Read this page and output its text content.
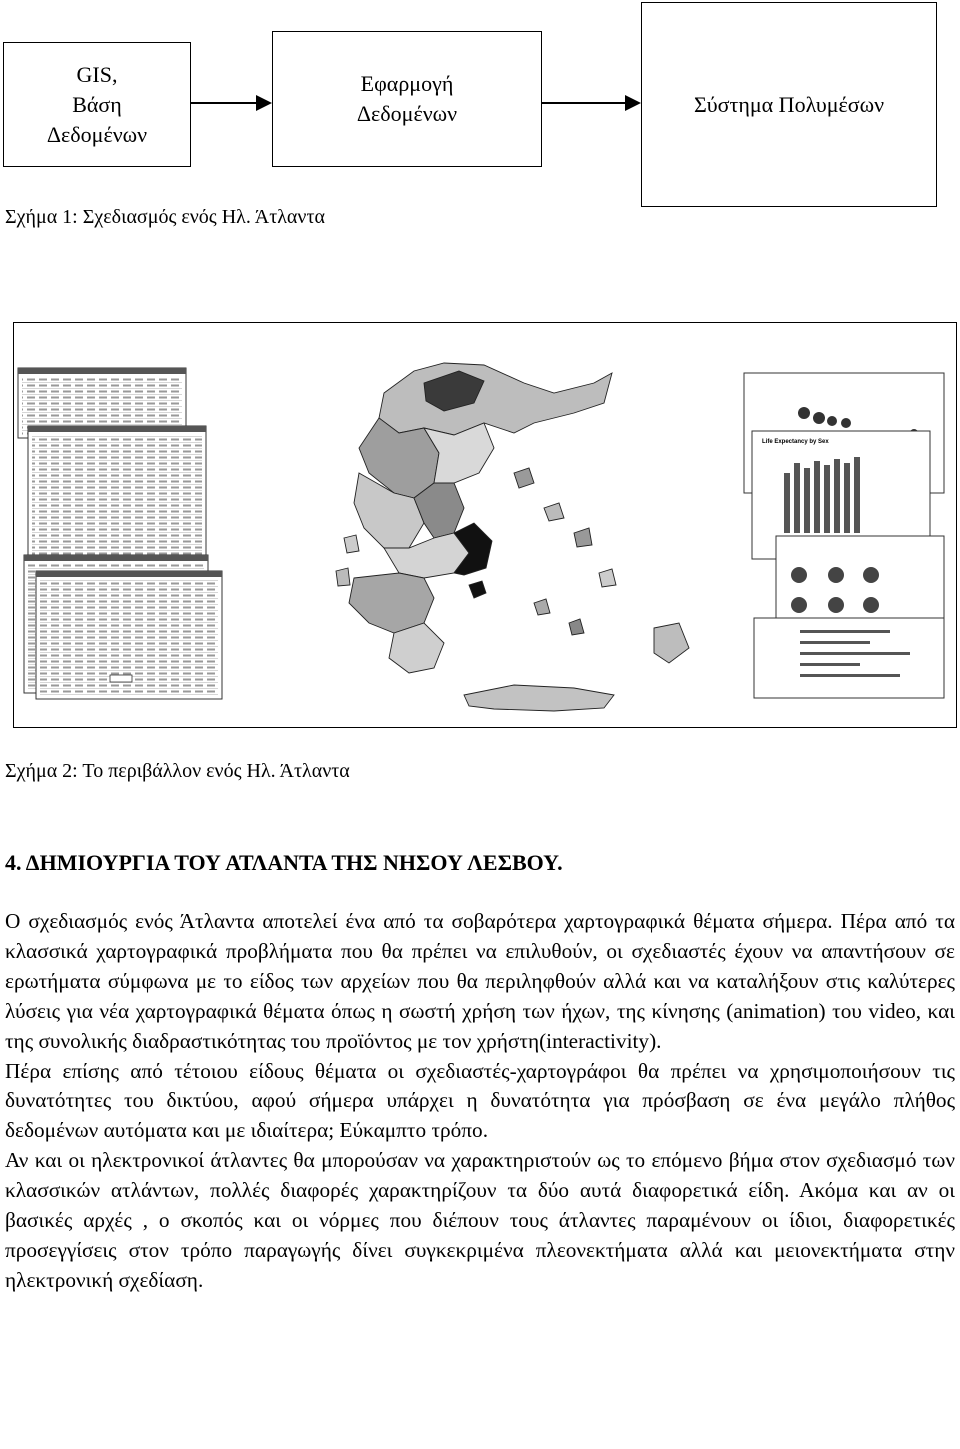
GIS,
Βάση
Δεδομένων
Εφαρμογή
Δεδομένων	Σύστημα Πολυμέσων
Σχήμα 1: Σχεδιασμός ενός Ηλ. Άτλαντα
Life Expectancy by Sex
Σχήμα 2: Το περιβάλλον ενός Ηλ. Άτλαντα
4. ΔΗΜΙΟΥΡΓΙΑ ΤΟΥ ΑΤΛΑΝΤΑ ΤΗΣ ΝΗΣΟΥ ΛΕΣΒΟΥ.

Ο σχεδιασμός ενός Άτλαντα αποτελεί ένα από τα σοβαρότερα χαρτογραφικά θέματα σήμερα. Πέρα από τα κλασσικά χαρτογραφικά προβλήματα που θα πρέπει να επιλυθούν, οι σχεδιαστές έχουν να απαντήσουν σε ερωτήματα σύμφωνα με το είδος των αρχείων που θα περιληφθούν αλλά και να καταλήξουν στις καλύτερες λύσεις για νέα χαρτογραφικά θέματα όπως η σωστή χρήση των ήχων, της κίνησης (animation) του video, και της συνολικής διαδραστικότητας του προϊόντος με τον χρήστη(interactivity).

Πέρα επίσης από τέτοιου είδους θέματα οι σχεδιαστές-χαρτογράφοι θα πρέπει να χρησιμοποιήσουν τις δυνατότητες του δικτύου, αφού σήμερα υπάρχει η δυνατότητα για πρόσβαση σε ένα μεγάλο πλήθος δεδομένων αυτόματα και με ιδιαίτερα; Εύκαμπτο τρόπο.

Αν και οι ηλεκτρονικοί άτλαντες θα μπορούσαν να χαρακτηριστούν ως το επόμενο βήμα στον σχεδιασμό των κλασσικών ατλάντων, πολλές διαφορές χαρακτηρίζουν τα δύο αυτά διαφορετικά είδη. Ακόμα και αν οι βασικές αρχές , ο σκοπός και οι νόρμες που διέπουν τους άτλαντες παραμένουν οι ίδιοι, διαφορετικές προσεγγίσεις στον τρόπο παραγωγής δίνει συγκεκριμένα πλεονεκτήματα αλλά και μειονεκτήματα στην ηλεκτρονική σχεδίαση.
